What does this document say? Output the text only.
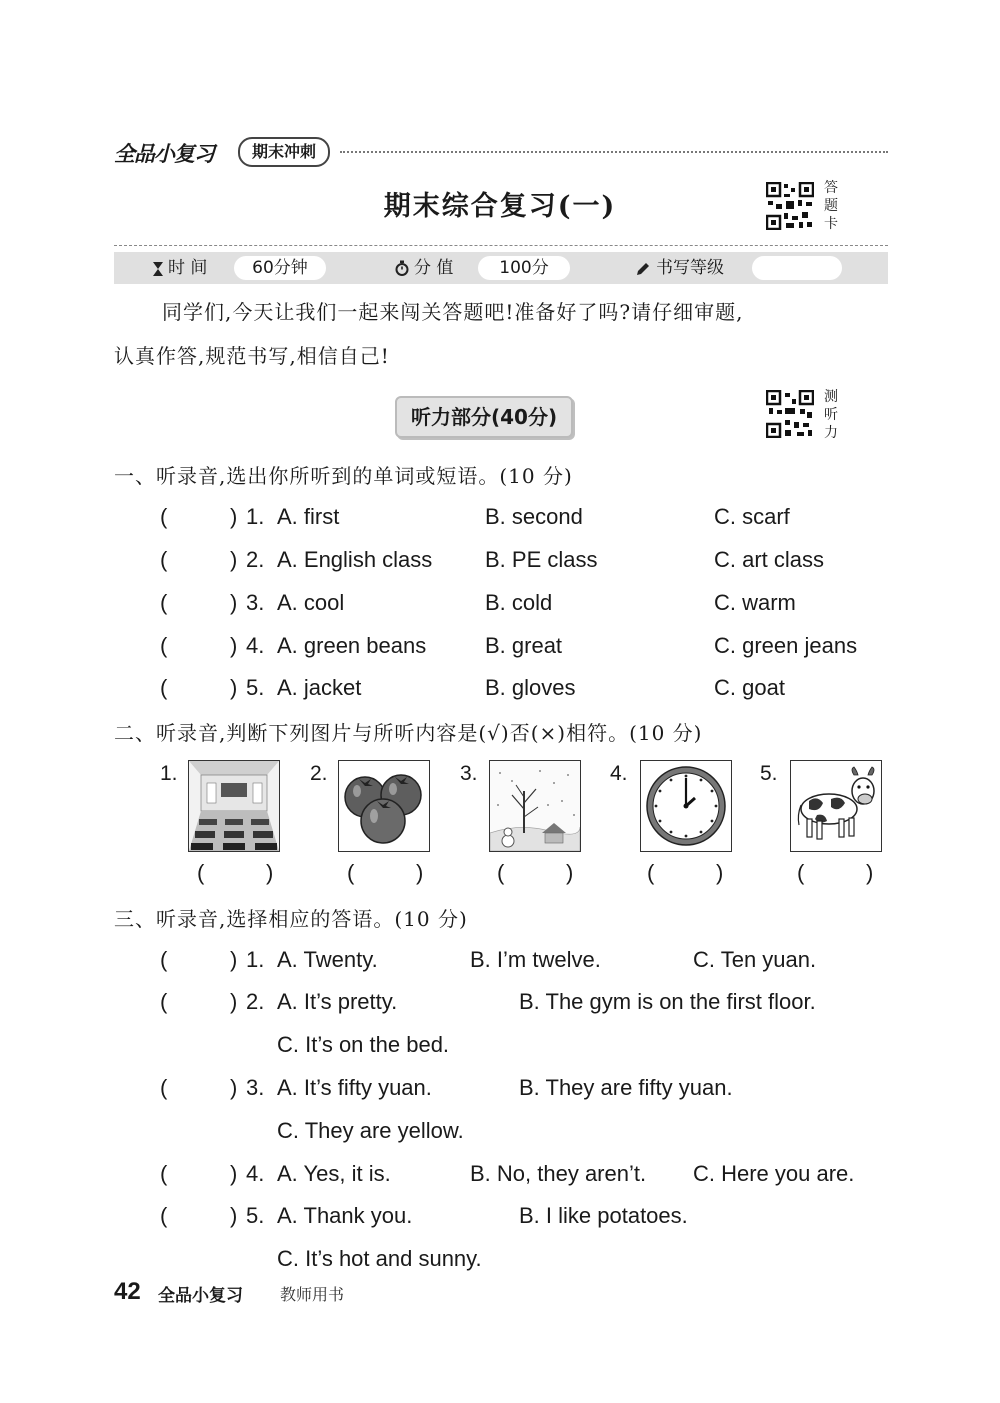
全品小复习	期末冲刺
期末综合复习(一)
答题卡
时 间	60分钟	分 值	100分	书写等级
同学们,今天让我们一起来闯关答题吧!准备好了吗?请仔细审题,
认真作答,规范书写,相信自己!
听力部分(40分)
测听力
一、听录音,选出你所听到的单词或短语。(10 分)
(	) 1. A. first	B. second	C. scarf
(	) 2. A. English class B. PE class	C. art class
(	) 3. A. cool	B. cold	C. warm
(	) 4. A. green beans	B. great	C. green jeans
(	) 5. A. jacket	B. gloves	C. goat
二、听录音,判断下列图片与所听内容是(√)否(×)相符。(10 分)
1.	2.	3.	4.	5.
(	)	(	)	(	)	(	)	(	)
三、听录音,选择相应的答语。(10 分)
(	) 1. A. Twenty.	B. I’m twelve.	C. Ten yuan.
(	) 2. A. It’s pretty.	B. The gym is on the first floor.
C. It’s on the bed.
(	) 3. A. It’s fifty yuan.	B. They are fifty yuan.
C. They are yellow.
(	) 4. A. Yes, it is.	B. No, they aren’t. C. Here you are.
(	) 5. A. Thank you.	B. I like potatoes.
C. It’s hot and sunny.
42 全品小复习 教师用书
